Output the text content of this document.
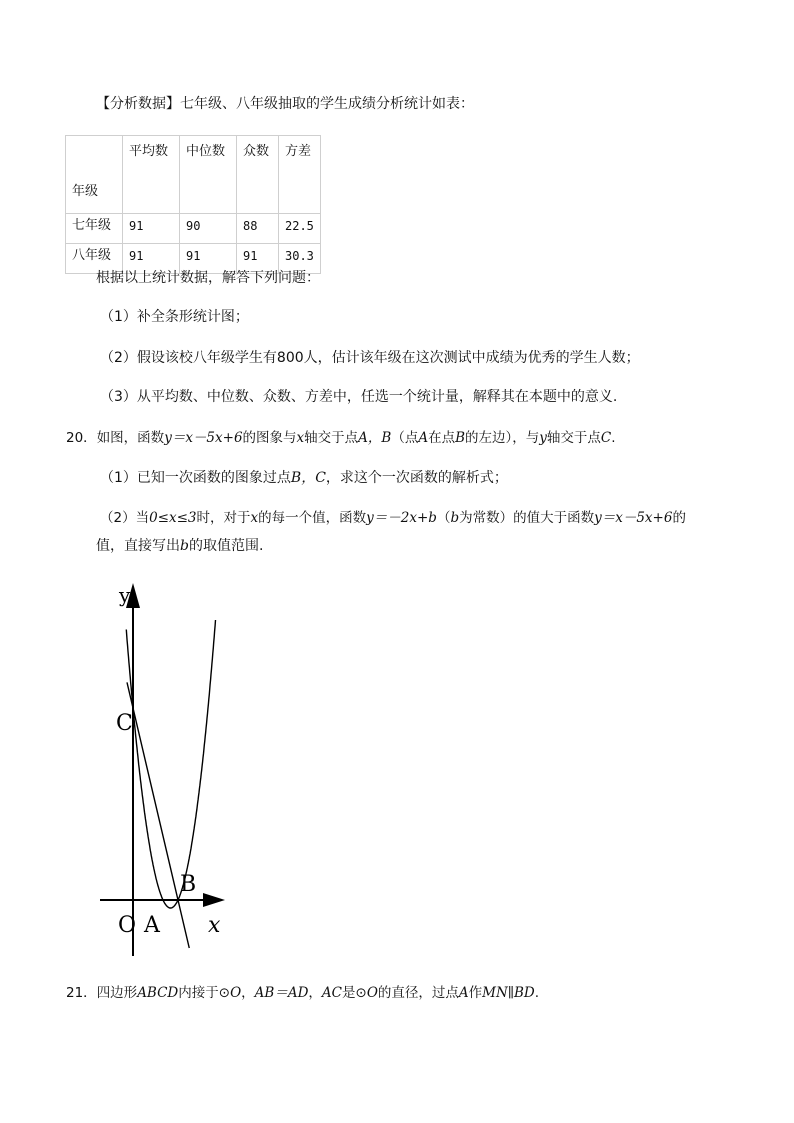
【分析数据】七年级、八年级抽取的学生成绩分析统计如表：
年级	平均数	中位数	众数	方差
七年级	91	90	88	22.5
八年级	91	91	91	30.3
根据以上统计数据，解答下列问题：
（1）补全条形统计图；
（2）假设该校八年级学生有800人，估计该年级在这次测试中成绩为优秀的学生人数；
（3）从平均数、中位数、众数、方差中，任选一个统计量，解释其在本题中的意义.
20．如图，函数y＝x－5x+6的图象与x轴交于点A，B（点A在点B的左边），与y轴交于点C.
（1）已知一次函数的图象过点B，C，求这个一次函数的解析式；
（2）当0≤x≤3时，对于x的每一个值，函数y＝－2x+b（b为常数）的值大于函数y＝x－5x+6的
值，直接写出b的取值范围.
y
x
O A
B
C
21．四边形ABCD内接于⊙O，AB＝AD，AC是⊙O的直径，过点A作MN∥BD.
